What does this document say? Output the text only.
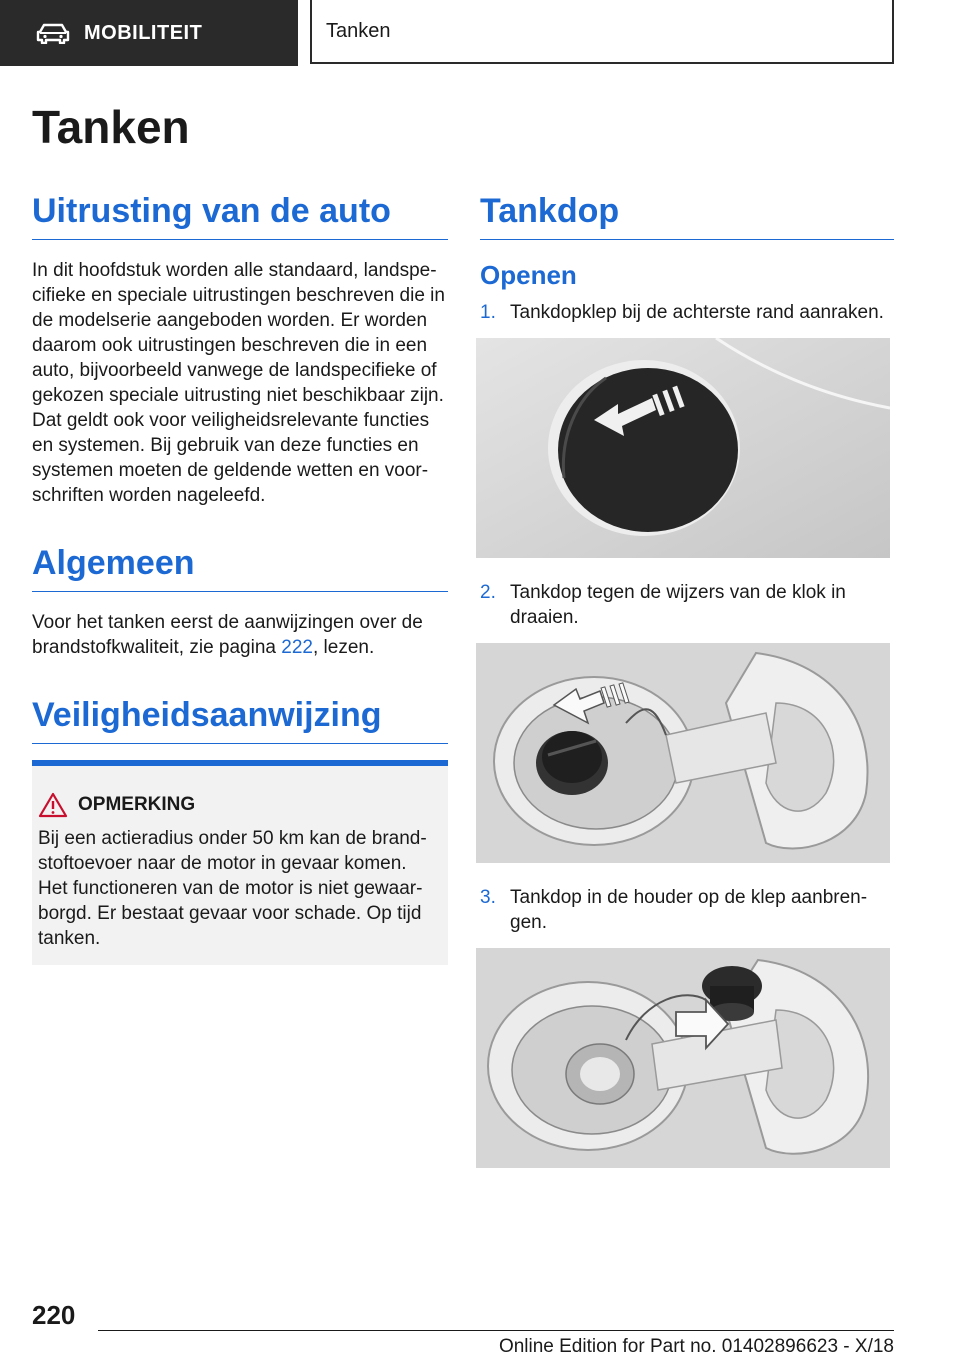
MOBILITEIT	Tanken
Tanken
Uitrusting van de auto

In dit hoofdstuk worden alle standaard, landspecifieke en speciale uitrustingen beschreven die in de modelserie aangeboden worden. Er worden daarom ook uitrustingen beschreven die in een auto, bijvoorbeeld vanwege de landspecifieke of gekozen speciale uitrusting niet beschikbaar zijn. Dat geldt ook voor veiligheidsrelevante functies en systemen. Bij gebruik van deze functies en systemen moeten de geldende wetten en voorschriften worden nageleefd.

Algemeen

Voor het tanken eerst de aanwijzingen over de brandstofkwaliteit, zie pagina 222, lezen.

Veiligheidsaanwijzing
OPMERKING

Bij een actieradius onder 50 km kan de brandstoftoevoer naar de motor in gevaar komen. Het functioneren van de motor is niet gewaarborgd. Er bestaat gevaar voor schade. Op tijd tanken.

Tankdop
Openen
1. Tankdopklep bij de achterste rand aanraken.
2. Tankdop tegen de wijzers van de klok in draaien.
3. Tankdop in de houder op de klep aanbrengen.
220
Online Edition for Part no. 01402896623 - X/18
